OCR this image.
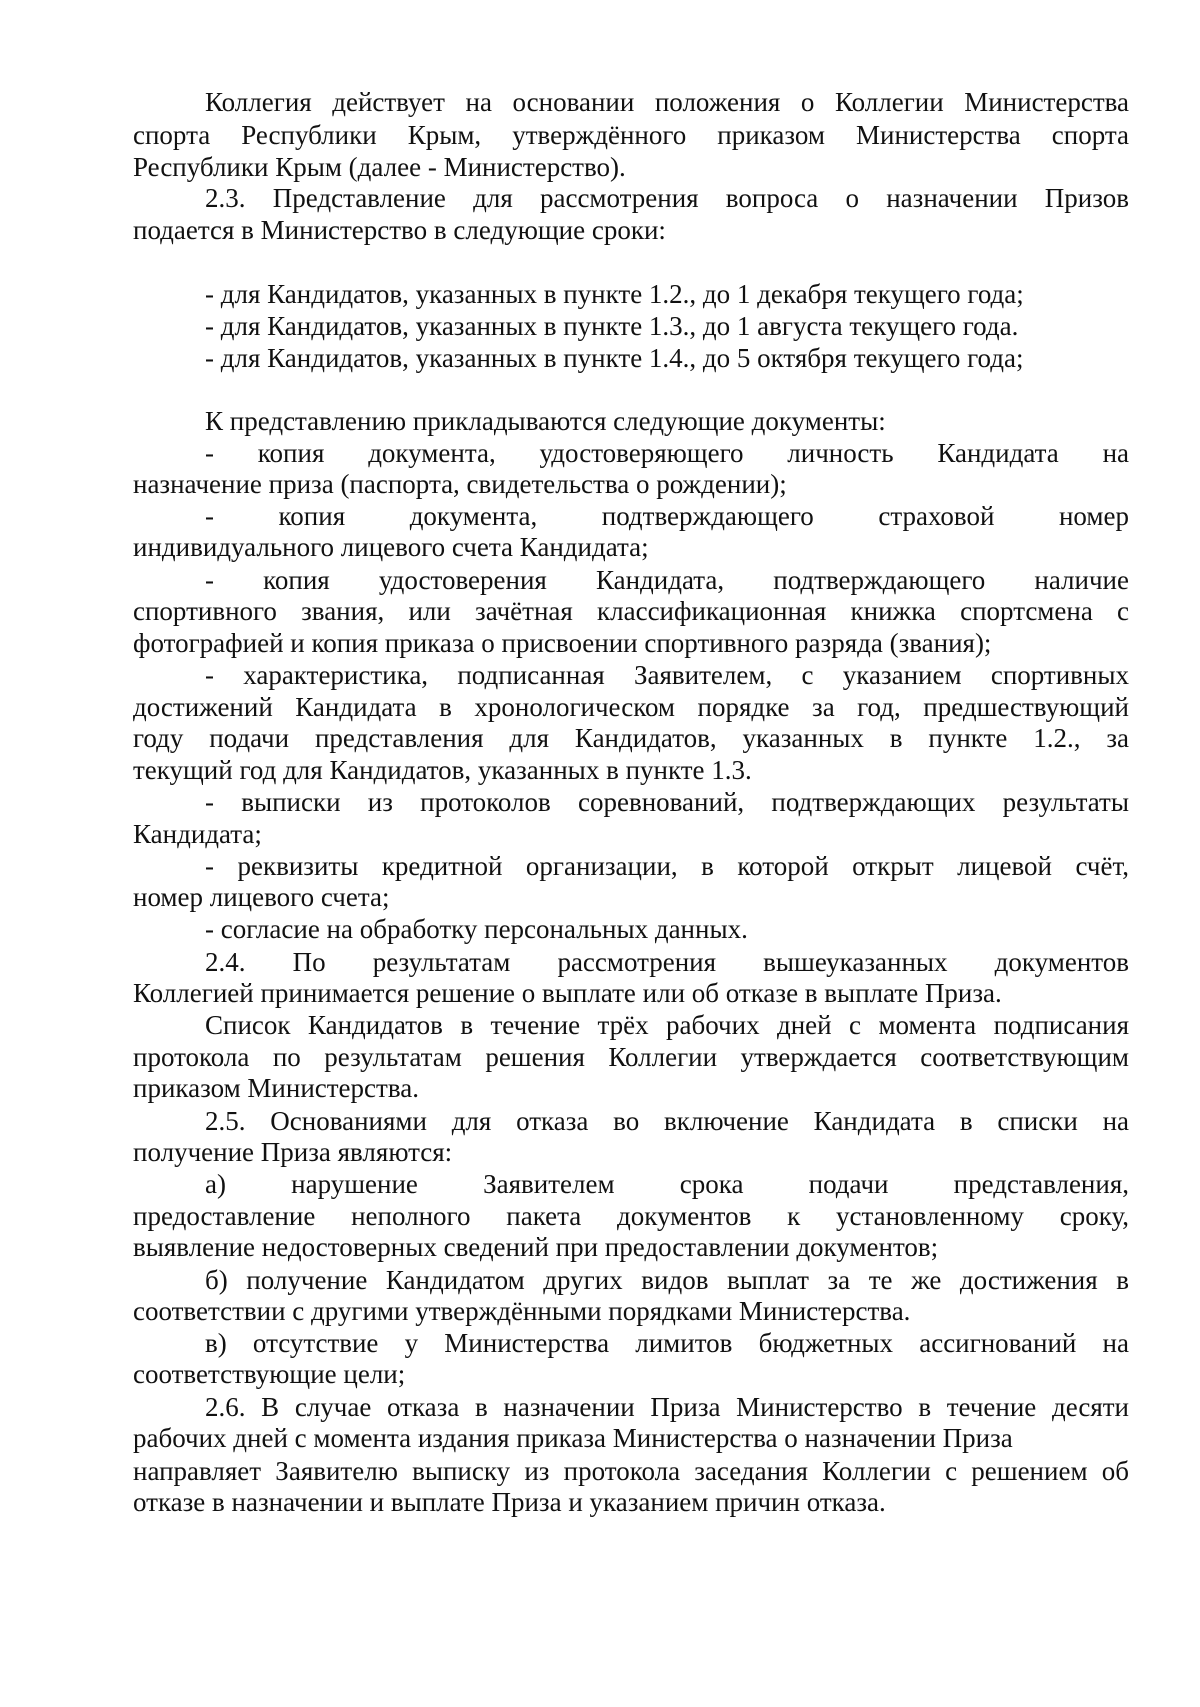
Коллегия действует на основании положения о Коллегии Министерства
спорта Республики Крым, утверждённого приказом Министерства спорта
Республики Крым (далее - Министерство).
2.3. Представление для рассмотрения вопроса о назначении Призов
подается в Министерство в следующие сроки:
- для Кандидатов, указанных в пункте 1.2., до 1 декабря текущего года;
- для Кандидатов, указанных в пункте 1.3., до 1 августа текущего года.
- для Кандидатов, указанных в пункте 1.4., до 5 октября текущего года;
К представлению прикладываются следующие документы:
- копия документа, удостоверяющего личность Кандидата на
назначение приза (паспорта, свидетельства о рождении);
- копия документа, подтверждающего страховой номер
индивидуального лицевого счета Кандидата;
- копия удостоверения Кандидата, подтверждающего наличие
спортивного звания, или зачётная классификационная книжка спортсмена с
фотографией и копия приказа о присвоении спортивного разряда (звания);
- характеристика, подписанная Заявителем, с указанием спортивных
достижений Кандидата в хронологическом порядке за год, предшествующий
году подачи представления для Кандидатов, указанных в пункте 1.2., за
текущий год для Кандидатов, указанных в пункте 1.3.
- выписки из протоколов соревнований, подтверждающих результаты
Кандидата;
- реквизиты кредитной организации, в которой открыт лицевой счёт,
номер лицевого счета;
- согласие на обработку персональных данных.
2.4. По результатам рассмотрения вышеуказанных документов
Коллегией принимается решение о выплате или об отказе в выплате Приза.
Список Кандидатов в течение трёх рабочих дней с момента подписания
протокола по результатам решения Коллегии утверждается соответствующим
приказом Министерства.
2.5. Основаниями для отказа во включение Кандидата в списки на
получение Приза являются:
а) нарушение Заявителем срока подачи представления,
предоставление неполного пакета документов к установленному сроку,
выявление недостоверных сведений при предоставлении документов;
б) получение Кандидатом других видов выплат за те же достижения в
соответствии с другими утверждёнными порядками Министерства.
в) отсутствие у Министерства лимитов бюджетных ассигнований на
соответствующие цели;
2.6. В случае отказа в назначении Приза Министерство в течение десяти
рабочих дней с момента издания приказа Министерства о назначении Приза
направляет Заявителю выписку из протокола заседания Коллегии с решением об
отказе в назначении и выплате Приза и указанием причин отказа.
